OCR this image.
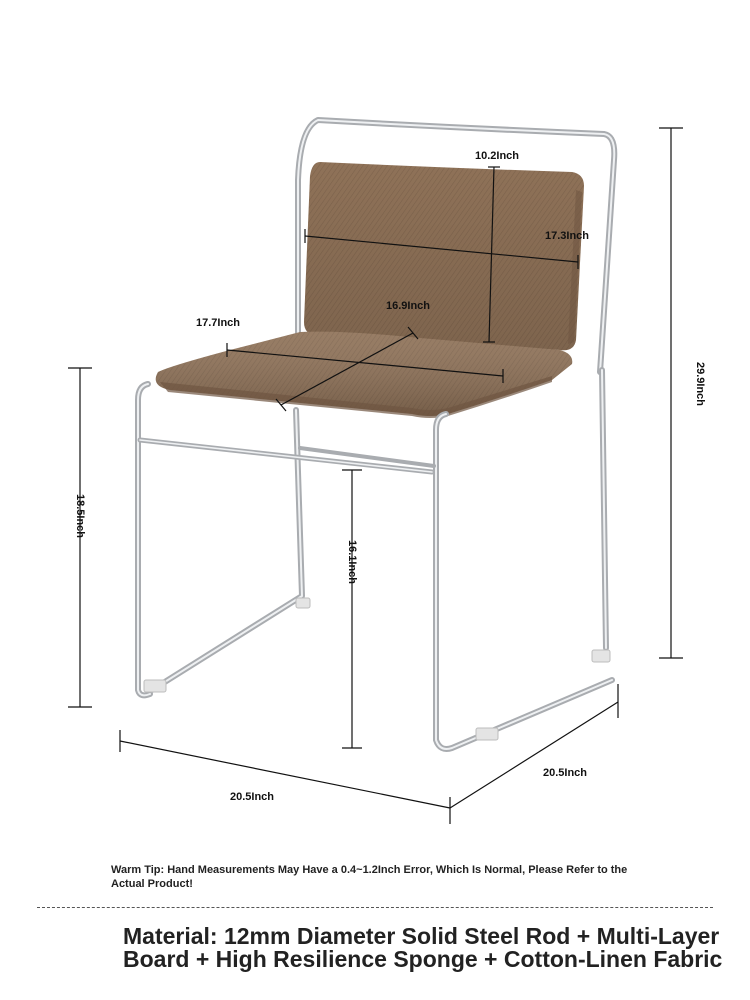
10.2Inch
17.3Inch
16.9Inch
17.7Inch
29.9Inch
18.5Inch
16.1Inch
20.5Inch
20.5Inch

Warm Tip: Hand Measurements May Have a 0.4~1.2Inch Error, Which Is Normal, Please Refer to the Actual Product!

Material: 12mm Diameter Solid Steel Rod + Multi-Layer Board + High Resilience Sponge + Cotton-Linen Fabric
